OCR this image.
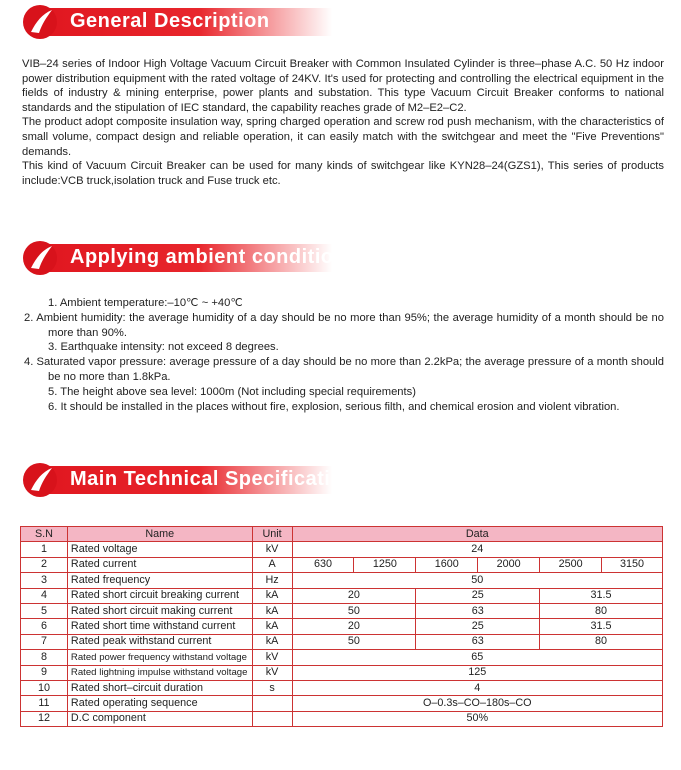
General Description

VIB–24 series of Indoor High Voltage Vacuum Circuit Breaker with Common Insulated Cylinder is three–phase A.C. 50 Hz indoor power distribution equipment with the rated voltage of 24KV. It's used for protecting and controlling the electrical equipment in the fields of industry & mining enterprise, power plants and substation. This type Vacuum Circuit Breaker conforms to national standards and the stipulation of IEC standard, the capability reaches grade of M2–E2–C2.

The product adopt composite insulation way, spring charged operation and screw rod push mechanism, with the characteristics of small volume, compact design and reliable operation, it can easily match with the switchgear and meet the "Five Preventions" demands.

This kind of Vacuum Circuit Breaker can be used for many kinds of switchgear like KYN28–24(GZS1), This series of products include:VCB truck,isolation truck and Fuse truck etc.

Applying ambient conditions

1. Ambient temperature:–10℃ ~ +40℃

2. Ambient humidity: the average humidity of a day should be no more than 95%; the average humidity of a month should be no more than 90%.

3. Earthquake intensity: not exceed 8 degrees.

4. Saturated vapor pressure: average pressure of a day should be no more than 2.2kPa; the average pressure of a month should be no more than 1.8kPa.

5. The height above sea level: 1000m (Not including special requirements)

6. It should be installed in the places without fire, explosion, serious filth, and chemical erosion and violent vibration.

Main Technical Specification
S.N	Name	Unit	Data					
1	Rated voltage	kV	24					
2	Rated current	A	630	1250	1600	2000	2500	3150
3	Rated frequency	Hz	50					
4	Rated short circuit breaking current	kA	20		25		31.5	
5	Rated short circuit making current	kA	50		63		80	
6	Rated short time withstand current	kA	20		25		31.5	
7	Rated peak withstand current	kA	50		63		80	
8	Rated power frequency withstand voltage	kV	65					
9	Rated lightning impulse withstand voltage	kV	125					
10	Rated short–circuit duration	s	4					
11	Rated operating sequence		O–0.3s–CO–180s–CO					
12	D.C component		50%					
